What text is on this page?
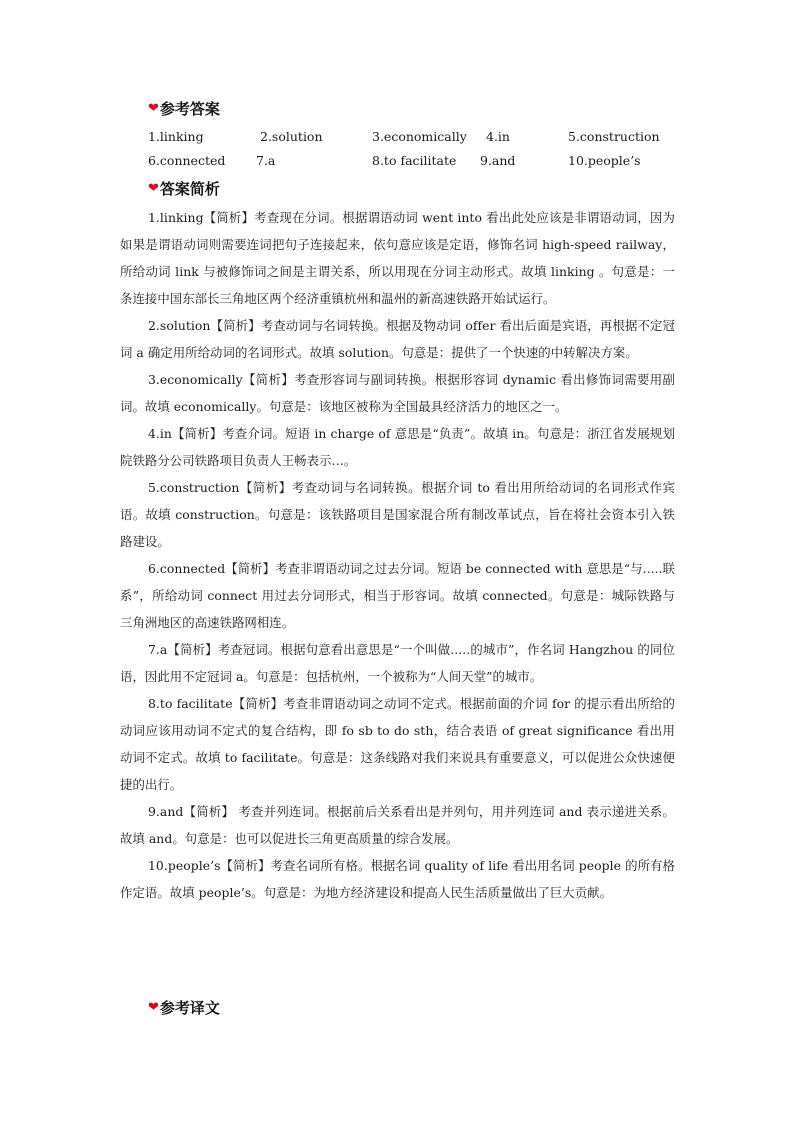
❤ 参考答案
1.linking	2.solution	3.economically 4.in	5.construction
6.connected 7.a	8.to facilitate 9.and	10.people’s
❤ 答案简析

1.linking【简析】考查现在分词。根据谓语动词 went into 看出此处应该是非谓语动词，因为如果是谓语动词则需要连词把句子连接起来，依句意应该是定语，修饰名词 high-speed railway，所给动词 link 与被修饰词之间是主谓关系，所以用现在分词主动形式。故填 linking 。句意是：一条连接中国东部长三角地区两个经济重镇杭州和温州的新高速铁路开始试运行。

2.solution【简析】考查动词与名词转换。根据及物动词 offer 看出后面是宾语，再根据不定冠词 a 确定用所给动词的名词形式。故填 solution。句意是：提供了一个快速的中转解决方案。

3.economically【简析】考查形容词与副词转换。根据形容词 dynamic 看出修饰词需要用副词。故填 economically。句意是：该地区被称为全国最具经济活力的地区之一。

4.in【简析】考查介词。短语 in charge of 意思是“负责”。故填 in。句意是：浙江省发展规划院铁路分公司铁路项目负责人王畅表示…。

5.construction【简析】考查动词与名词转换。根据介词 to 看出用所给动词的名词形式作宾语。故填 construction。句意是：该铁路项目是国家混合所有制改革试点，旨在将社会资本引入铁路建设。

6.connected【简析】考查非谓语动词之过去分词。短语 be connected with 意思是“与.....联系”，所给动词 connect 用过去分词形式，相当于形容词。故填 connected。句意是：城际铁路与三角洲地区的高速铁路网相连。

7.a【简析】考查冠词。根据句意看出意思是“一个叫做.....的城市”，作名词 Hangzhou 的同位语，因此用不定冠词 a。句意是：包括杭州，一个被称为“人间天堂”的城市。

8.to facilitate【简析】考查非谓语动词之动词不定式。根据前面的介词 for 的提示看出所给的动词应该用动词不定式的复合结构，即 fo sb to do sth，结合表语 of great significance 看出用动词不定式。故填 to facilitate。句意是：这条线路对我们来说具有重要意义，可以促进公众快速便捷的出行。

9.and【简析】 考查并列连词。根据前后关系看出是并列句，用并列连词 and 表示递进关系。故填 and。句意是：也可以促进长三角更高质量的综合发展。

10.people’s【简析】考查名词所有格。根据名词 quality of life 看出用名词 people 的所有格作定语。故填 people’s。句意是：为地方经济建设和提高人民生活质量做出了巨大贡献。

❤ 参考译文
